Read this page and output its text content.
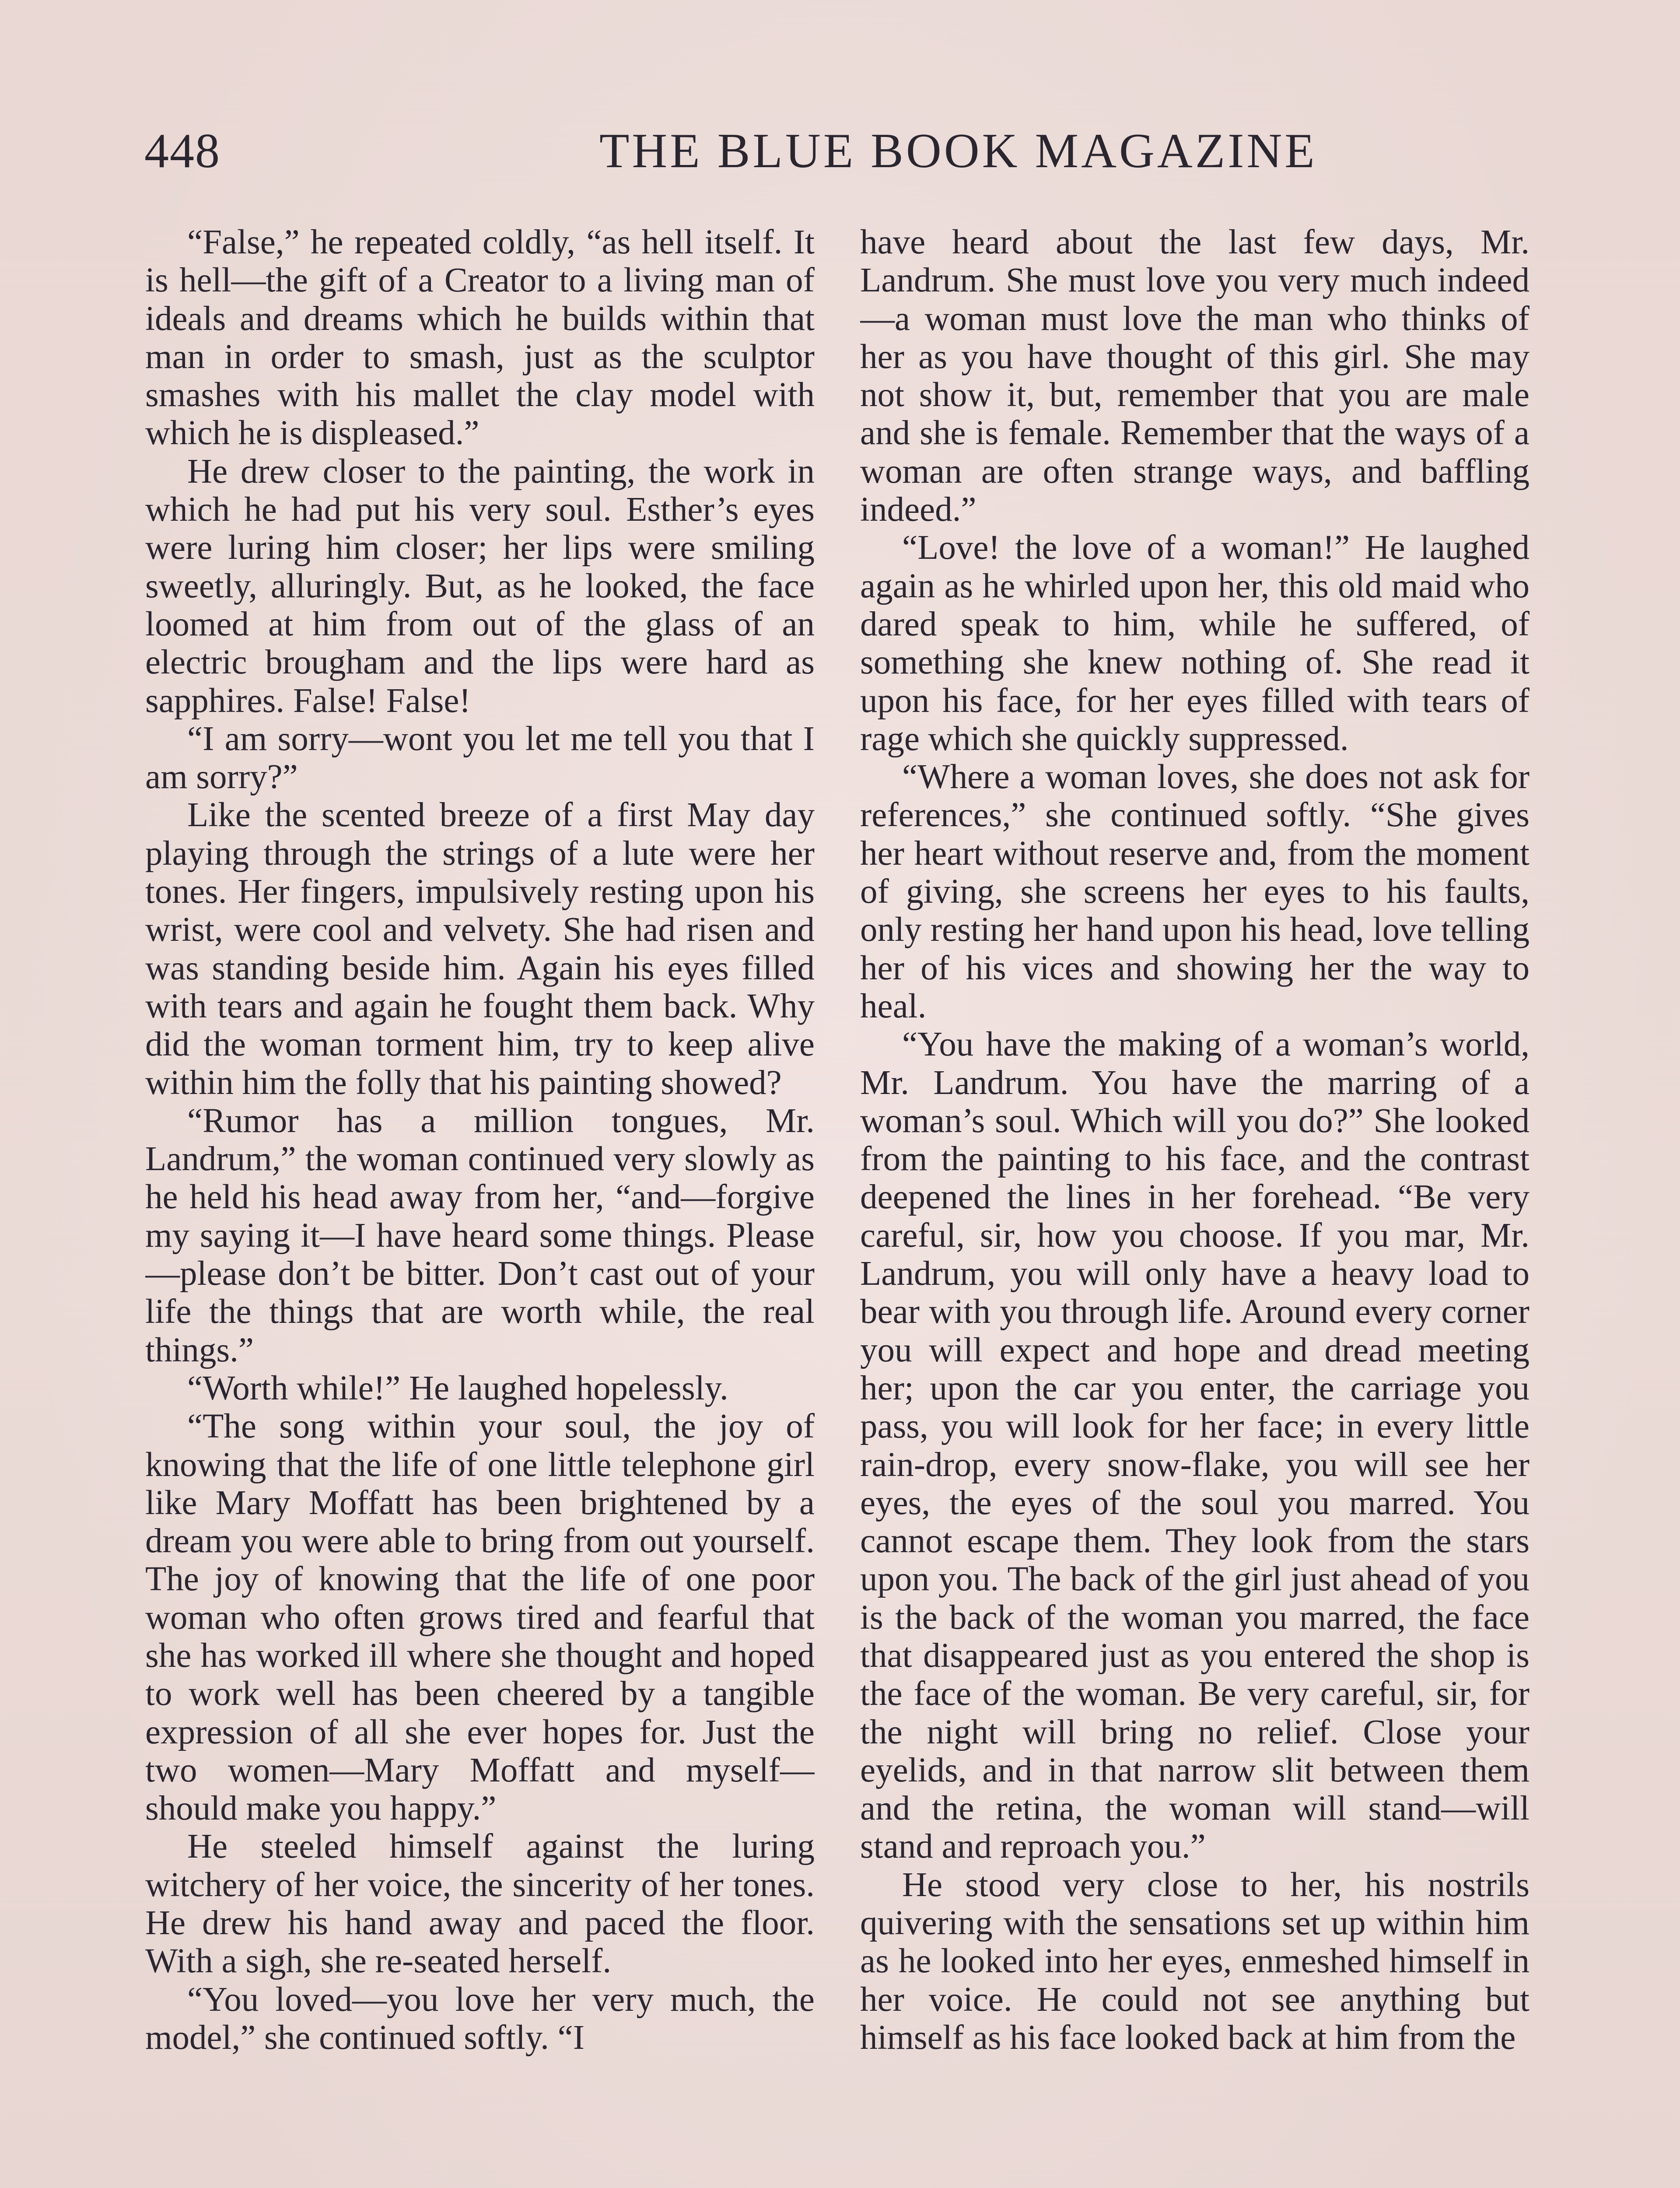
448	THE BLUE BOOK MAGAZINE

“False,” he repeated coldly, “as hell itself. It is hell—the gift of a Creator to a living man of ideals and dreams which he builds within that man in order to smash, just as the sculptor smashes with his mallet the clay model with which he is displeased.”

He drew closer to the painting, the work in which he had put his very soul. Esther’s eyes were luring him closer; her lips were smiling sweetly, alluringly. But, as he looked, the face loomed at him from out of the glass of an electric brougham and the lips were hard as sapphires. False! False!

“I am sorry—wont you let me tell you that I am sorry?”

Like the scented breeze of a first May day playing through the strings of a lute were her tones. Her fingers, impulsively resting upon his wrist, were cool and velvety. She had risen and was standing beside him. Again his eyes filled with tears and again he fought them back. Why did the woman torment him, try to keep alive within him the folly that his painting showed?

“Rumor has a million tongues, Mr. Landrum,” the woman continued very slowly as he held his head away from her, “and—forgive my saying it—I have heard some things. Please—please don’t be bitter. Don’t cast out of your life the things that are worth while, the real things.”

“Worth while!” He laughed hopelessly.

“The song within your soul, the joy of knowing that the life of one little telephone girl like Mary Moffatt has been brightened by a dream you were able to bring from out yourself. The joy of knowing that the life of one poor woman who often grows tired and fearful that she has worked ill where she thought and hoped to work well has been cheered by a tangible expression of all she ever hopes for. Just the two women—Mary Moffatt and myself—should make you happy.”

He steeled himself against the luring witchery of her voice, the sincerity of her tones. He drew his hand away and paced the floor. With a sigh, she re-seated herself.

“You loved—you love her very much, the model,” she continued softly. “I

have heard about the last few days, Mr. Landrum. She must love you very much indeed—a woman must love the man who thinks of her as you have thought of this girl. She may not show it, but, remember that you are male and she is female. Remember that the ways of a woman are often strange ways, and baffling indeed.”

“Love! the love of a woman!” He laughed again as he whirled upon her, this old maid who dared speak to him, while he suffered, of something she knew nothing of. She read it upon his face, for her eyes filled with tears of rage which she quickly suppressed.

“Where a woman loves, she does not ask for references,” she continued softly. “She gives her heart without reserve and, from the moment of giving, she screens her eyes to his faults, only resting her hand upon his head, love telling her of his vices and showing her the way to heal.

“You have the making of a woman’s world, Mr. Landrum. You have the marring of a woman’s soul. Which will you do?” She looked from the painting to his face, and the contrast deepened the lines in her forehead. “Be very careful, sir, how you choose. If you mar, Mr. Landrum, you will only have a heavy load to bear with you through life. Around every corner you will expect and hope and dread meeting her; upon the car you enter, the carriage you pass, you will look for her face; in every little rain-drop, every snow-flake, you will see her eyes, the eyes of the soul you marred. You cannot escape them. They look from the stars upon you. The back of the girl just ahead of you is the back of the woman you marred, the face that disappeared just as you entered the shop is the face of the woman. Be very careful, sir, for the night will bring no relief. Close your eyelids, and in that narrow slit between them and the retina, the woman will stand—will stand and reproach you.”

He stood very close to her, his nostrils quivering with the sensations set up within him as he looked into her eyes, enmeshed himself in her voice. He could not see anything but himself as his face looked back at him from the
